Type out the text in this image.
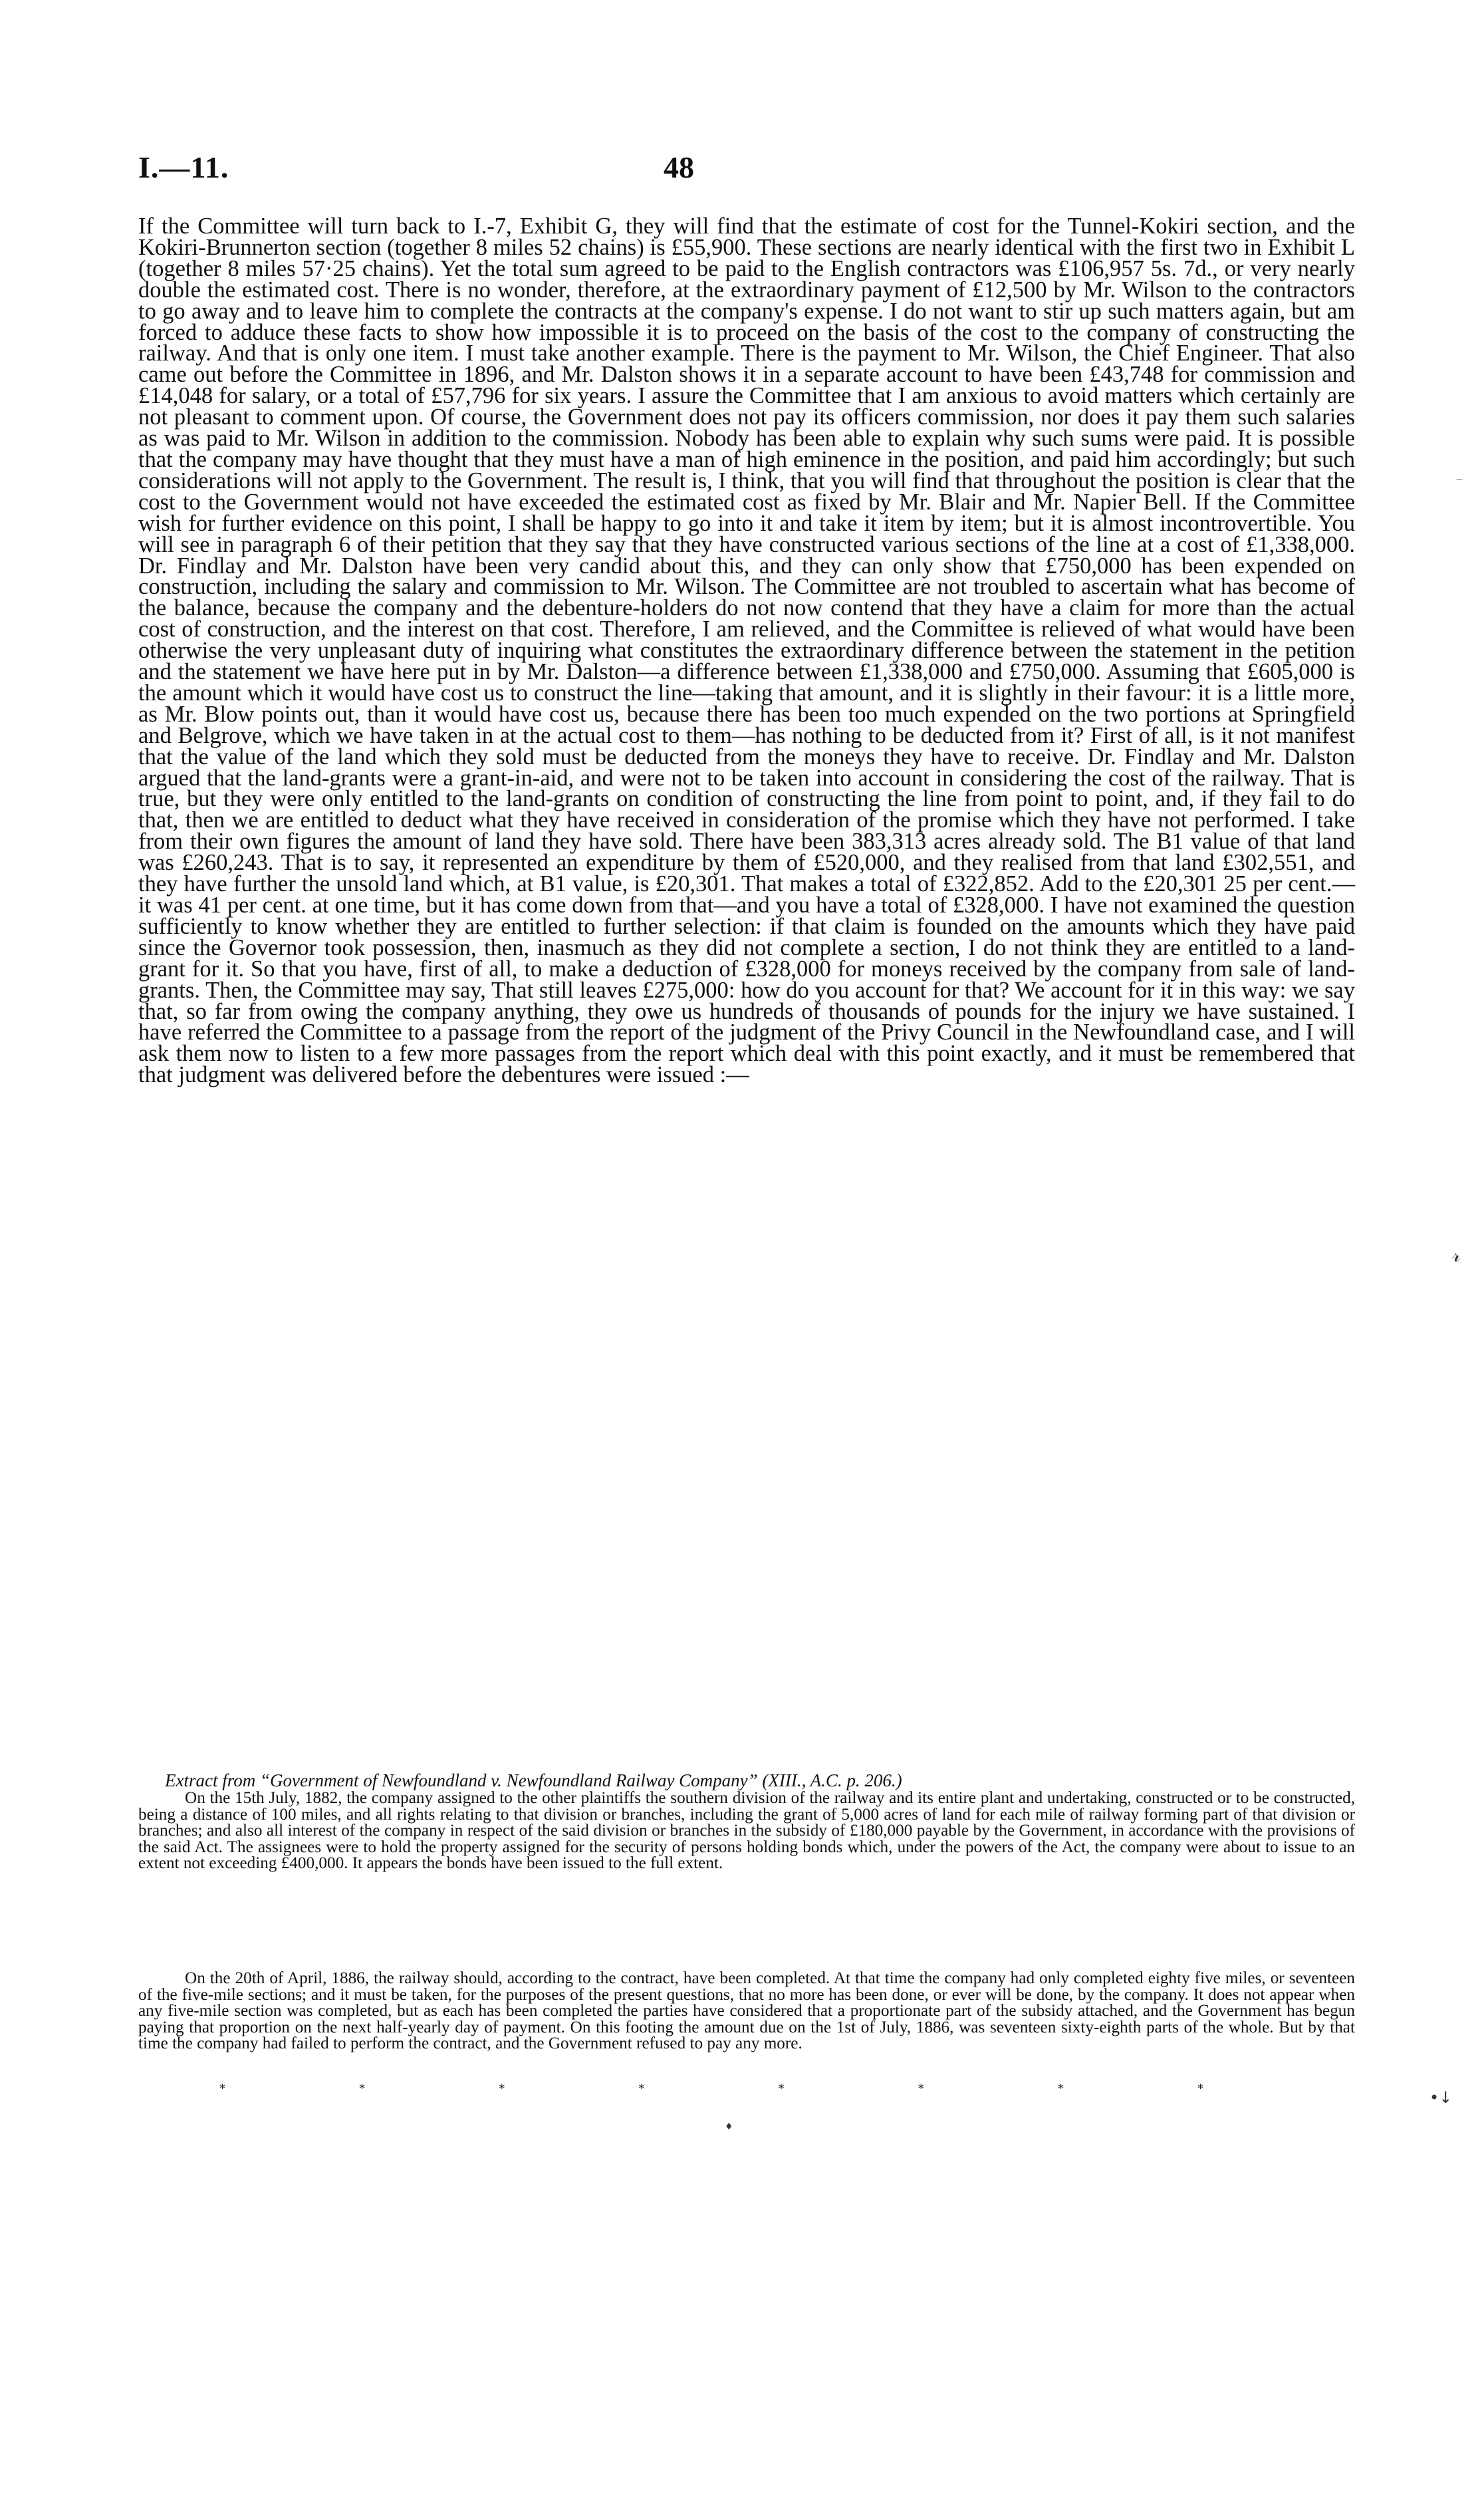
I.—11.	48

If the Committee will turn back to I.-7, Exhibit G, they will find that the estimate of cost for the Tunnel-Kokiri section, and the Kokiri-Brunnerton section (together 8 miles 52 chains) is £55,900. These sections are nearly identical with the first two in Exhibit L (together 8 miles 57·25 chains). Yet the total sum agreed to be paid to the English contractors was £106,957 5s. 7d., or very nearly double the estimated cost. There is no wonder, therefore, at the extraordinary payment of £12,500 by Mr. Wilson to the contractors to go away and to leave him to complete the contracts at the company's expense. I do not want to stir up such matters again, but am forced to adduce these facts to show how impossible it is to proceed on the basis of the cost to the company of constructing the railway. And that is only one item. I must take another example. There is the payment to Mr. Wilson, the Chief Engineer. That also came out before the Committee in 1896, and Mr. Dalston shows it in a separate account to have been £43,748 for commission and £14,048 for salary, or a total of £57,796 for six years. I assure the Committee that I am anxious to avoid matters which certainly are not pleasant to comment upon. Of course, the Government does not pay its officers commission, nor does it pay them such salaries as was paid to Mr. Wilson in addition to the commission. Nobody has been able to explain why such sums were paid. It is possible that the company may have thought that they must have a man of high eminence in the position, and paid him accordingly; but such considerations will not apply to the Government. The result is, I think, that you will find that throughout the position is clear that the cost to the Government would not have exceeded the estimated cost as fixed by Mr. Blair and Mr. Napier Bell. If the Committee wish for further evidence on this point, I shall be happy to go into it and take it item by item; but it is almost incontrovertible. You will see in paragraph 6 of their petition that they say that they have constructed various sections of the line at a cost of £1,338,000. Dr. Findlay and Mr. Dalston have been very candid about this, and they can only show that £750,000 has been expended on construction, including the salary and commission to Mr. Wilson. The Committee are not troubled to ascertain what has become of the balance, because the company and the debenture-holders do not now contend that they have a claim for more than the actual cost of construction, and the interest on that cost. Therefore, I am relieved, and the Committee is relieved of what would have been otherwise the very unpleasant duty of inquiring what constitutes the extraordinary difference between the statement in the petition and the statement we have here put in by Mr. Dalston—a difference between £1,338,000 and £750,000. Assuming that £605,000 is the amount which it would have cost us to construct the line—taking that amount, and it is slightly in their favour: it is a little more, as Mr. Blow points out, than it would have cost us, because there has been too much expended on the two portions at Springfield and Belgrove, which we have taken in at the actual cost to them—has nothing to be deducted from it? First of all, is it not manifest that the value of the land which they sold must be deducted from the moneys they have to receive. Dr. Findlay and Mr. Dalston argued that the land-grants were a grant-in-aid, and were not to be taken into account in considering the cost of the railway. That is true, but they were only entitled to the land-grants on condition of constructing the line from point to point, and, if they fail to do that, then we are entitled to deduct what they have received in consideration of the promise which they have not performed. I take from their own figures the amount of land they have sold. There have been 383,313 acres already sold. The B1 value of that land was £260,243. That is to say, it represented an expenditure by them of £520,000, and they realised from that land £302,551, and they have further the unsold land which, at B1 value, is £20,301. That makes a total of £322,852. Add to the £20,301 25 per cent.—it was 41 per cent. at one time, but it has come down from that—and you have a total of £328,000. I have not examined the question sufficiently to know whether they are entitled to further selection: if that claim is founded on the amounts which they have paid since the Governor took possession, then, inasmuch as they did not complete a section, I do not think they are entitled to a land-grant for it. So that you have, first of all, to make a deduction of £328,000 for moneys received by the company from sale of land-grants. Then, the Committee may say, That still leaves £275,000: how do you account for that? We account for it in this way: we say that, so far from owing the company anything, they owe us hundreds of thousands of pounds for the injury we have sustained. I have referred the Committee to a passage from the report of the judgment of the Privy Council in the Newfoundland case, and I will ask them now to listen to a few more passages from the report which deal with this point exactly, and it must be remembered that that judgment was delivered before the debentures were issued :—

Extract from “Government of Newfoundland v. Newfoundland Railway Company” (XIII., A.C. p. 206.)

On the 15th July, 1882, the company assigned to the other plaintiffs the southern division of the railway and its entire plant and undertaking, constructed or to be constructed, being a distance of 100 miles, and all rights relating to that division or branches, including the grant of 5,000 acres of land for each mile of railway forming part of that division or branches; and also all interest of the company in respect of the said division or branches in the subsidy of £180,000 payable by the Government, in accordance with the provisions of the said Act. The assignees were to hold the property assigned for the security of persons holding bonds which, under the powers of the Act, the company were about to issue to an extent not exceeding £400,000. It appears the bonds have been issued to the full extent.

On the 20th of April, 1886, the railway should, according to the contract, have been completed. At that time the company had only completed eighty five miles, or seventeen of the five-mile sections; and it must be taken, for the purposes of the present questions, that no more has been done, or ever will be done, by the company. It does not appear when any five-mile section was completed, but as each has been completed the parties have considered that a proportionate part of the subsidy attached, and the Government has begun paying that proportion on the next half-yearly day of payment. On this footing the amount due on the 1st of July, 1886, was seventeen sixty-eighth parts of the whole. But by that time the company had failed to perform the contract, and the Government refused to pay any more.

*	*	*	*	*	*	*	*
𝓇
•↓
♦
—
